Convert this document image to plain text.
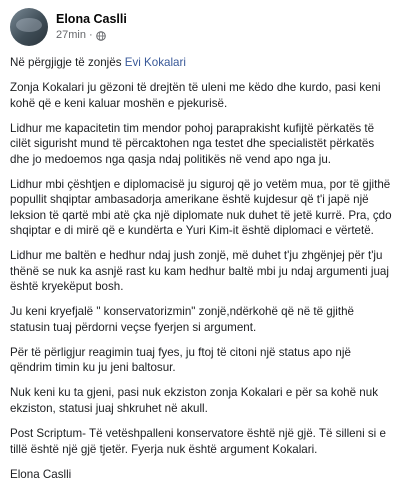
Elona Caslli
27min ·

Në përgjigje të zonjës Evi Kokalari

Zonja Kokalari ju gëzoni të drejtën të uleni me këdo dhe kurdo, pasi keni kohë që e keni kaluar moshën e pjekurisë.

Lidhur me kapacitetin tim mendor pohoj paraprakisht kufijtë përkatës të cilët sigurisht mund të përcaktohen nga testet dhe specialistët përkatës dhe jo medoemos nga qasja ndaj politikës në vend apo nga ju.

Lidhur mbi çështjen e diplomacisë ju siguroj që jo vetëm mua, por të gjithë popullit shqiptar ambasadorja amerikane është kujdesur që t'i japë një leksion të qartë mbi atë çka një diplomate nuk duhet të jetë kurrë. Pra, çdo shqiptar e di mirë që e kundërta e Yuri Kim-it është diplomaci e vërtetë.

Lidhur me baltën e hedhur ndaj jush zonjë, më duhet t'ju zhgënjej për t'ju thënë se nuk ka asnjë rast ku kam hedhur baltë mbi ju ndaj argumenti juaj është kryekëput bosh.

Ju keni kryefjalë " konservatorizmin" zonjë,ndërkohë që në të gjithë statusin tuaj përdorni veçse fyerjen si argument.

Për të përligjur reagimin tuaj fyes, ju ftoj të citoni një status apo një qëndrim timin ku ju jeni baltosur.

Nuk keni ku ta gjeni, pasi nuk ekziston zonja Kokalari e për sa kohë nuk ekziston, statusi juaj shkruhet në akull.

Post Scriptum- Të vetëshpalleni konservatore është një gjë. Të silleni si e tillë është një gjë tjetër. Fyerja nuk është argument Kokalari.

Elona Caslli
